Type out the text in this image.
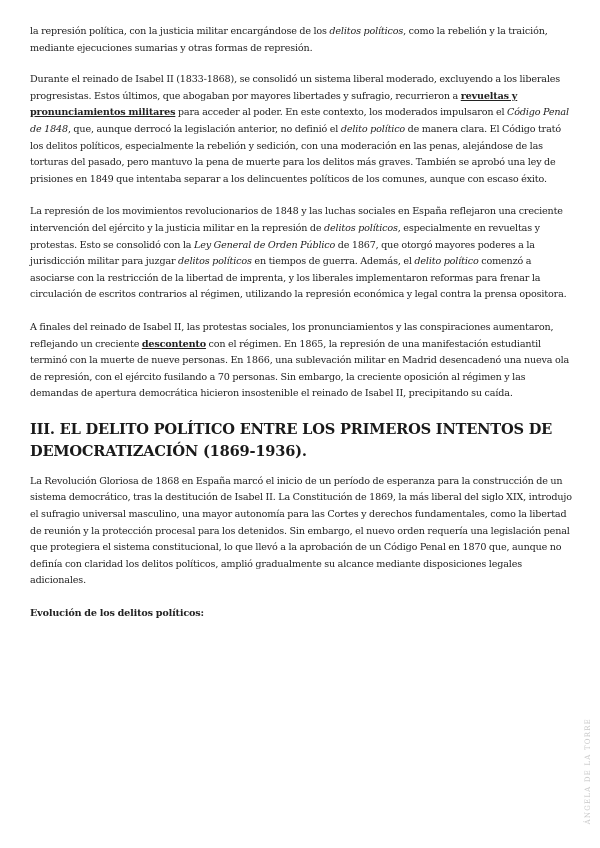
la represión política, con la justicia militar encargándose de los delitos políticos, como la rebelión y la traición, mediante ejecuciones sumarias y otras formas de represión.

Durante el reinado de Isabel II (1833-1868), se consolidó un sistema liberal moderado, excluyendo a los liberales progresistas. Estos últimos, que abogaban por mayores libertades y sufragio, recurrieron a revueltas y pronunciamientos militares para acceder al poder. En este contexto, los moderados impulsaron el Código Penal de 1848, que, aunque derrocó la legislación anterior, no definió el delito político de manera clara. El Código trató los delitos políticos, especialmente la rebelión y sedición, con una moderación en las penas, alejándose de las torturas del pasado, pero mantuvo la pena de muerte para los delitos más graves. También se aprobó una ley de prisiones en 1849 que intentaba separar a los delincuentes políticos de los comunes, aunque con escaso éxito.

La represión de los movimientos revolucionarios de 1848 y las luchas sociales en España reflejaron una creciente intervención del ejército y la justicia militar en la represión de delitos políticos, especialmente en revueltas y protestas. Esto se consolidó con la Ley General de Orden Público de 1867, que otorgó mayores poderes a la jurisdicción militar para juzgar delitos políticos en tiempos de guerra. Además, el delito político comenzó a asociarse con la restricción de la libertad de imprenta, y los liberales implementaron reformas para frenar la circulación de escritos contrarios al régimen, utilizando la represión económica y legal contra la prensa opositora.

A finales del reinado de Isabel II, las protestas sociales, los pronunciamientos y las conspiraciones aumentaron, reflejando un creciente descontento con el régimen. En 1865, la represión de una manifestación estudiantil terminó con la muerte de nueve personas. En 1866, una sublevación militar en Madrid desencadenó una nueva ola de represión, con el ejército fusilando a 70 personas. Sin embargo, la creciente oposición al régimen y las demandas de apertura democrática hicieron insostenible el reinado de Isabel II, precipitando su caída.

III. EL DELITO POLÍTICO ENTRE LOS PRIMEROS INTENTOS DE DEMOCRATIZACIÓN (1869-1936).

La Revolución Gloriosa de 1868 en España marcó el inicio de un período de esperanza para la construcción de un sistema democrático, tras la destitución de Isabel II. La Constitución de 1869, la más liberal del siglo XIX, introdujo el sufragio universal masculino, una mayor autonomía para las Cortes y derechos fundamentales, como la libertad de reunión y la protección procesal para los detenidos. Sin embargo, el nuevo orden requería una legislación penal que protegiera el sistema constitucional, lo que llevó a la aprobación de un Código Penal en 1870 que, aunque no definía con claridad los delitos políticos, amplió gradualmente su alcance mediante disposiciones legales adicionales.

Evolución de los delitos políticos:

ÁNGELA DE LA TORRE
